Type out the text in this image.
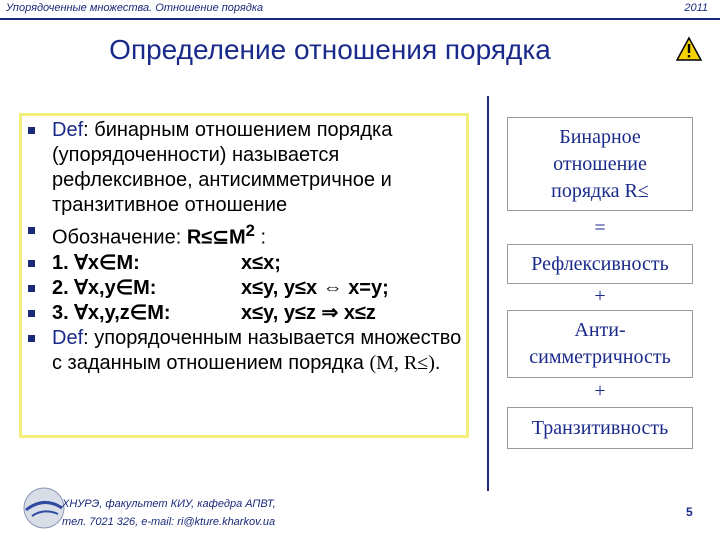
Упорядоченные множества. Отношение порядка	2011
Определение отношения порядка
Def: бинарным отношением порядка (упорядоченности) называется рефлексивное, антисимметричное и транзитивное отношение
Обозначение: $R\le⊆M^2$ :
1. ∀x∈M:	x≤x;
2. ∀x,y∈M:	x≤y, y≤x ⇔ x=y;
3. ∀x,y,z∈M:	x≤y, y≤z ⇒ x≤z
Def: упорядоченным называется множество с заданным отношением порядка (M, R≤).
Бинарное
отношение
порядка R≤
=
Рефлексивность
+
Анти-
симметричность
+
Транзитивность
ХНУРЭ, факультет КИУ, кафедра АПВТ,
тел. 7021 326, e-mail: ri@kture.kharkov.ua
5
